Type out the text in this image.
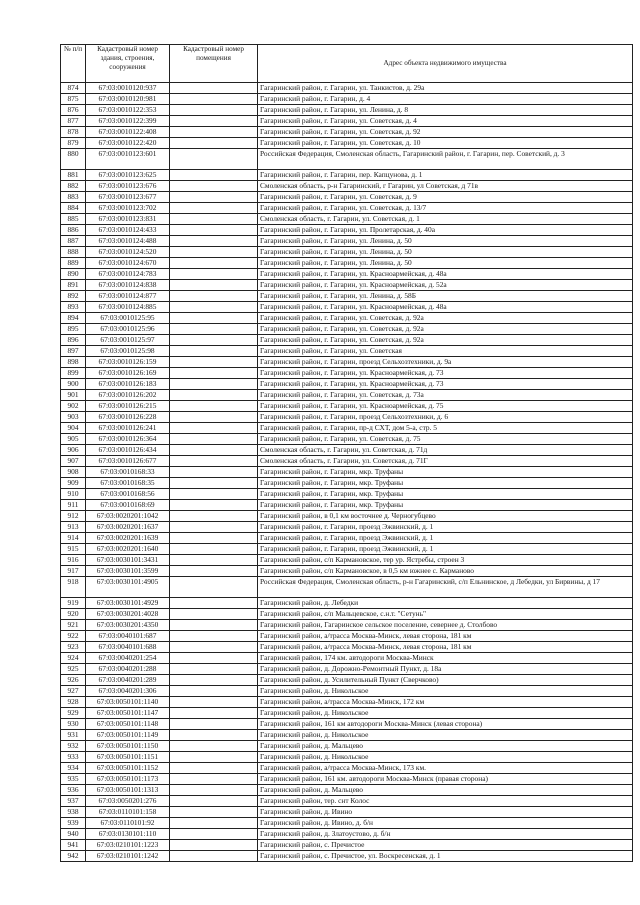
№ п/п	Кадастровый номер здания, строения, сооружения	Кадастровый номер помещения	Адрес объекта недвижимого имущества
874	67:03:0010120:937		Гагаринский район, г. Гагарин, ул. Танкистов, д. 29а
875	67:03:0010120:981		Гагаринский район, г. Гагарин, д. 4
876	67:03:0010122:353		Гагаринский район, г. Гагарин, ул. Ленина, д. 8
877	67:03:0010122:399		Гагаринский район, г. Гагарин, ул. Советская, д. 4
878	67:03:0010122:408		Гагаринский район, г. Гагарин, ул. Советская, д. 92
879	67:03:0010122:420		Гагаринский район, г. Гагарин, ул. Советская, д. 10
880	67:03:0010123:601		Российская Федерация, Смоленская область, Гагаринский район, г. Гагарин, пер. Советский, д. 3
881	67:03:0010123:625		Гагаринский район, г. Гагарин, пер. Капцунова, д. 1
882	67:03:0010123:676		Смоленская область, р-н Гагаринский, г Гагарин, ул Советская, д 71в
883	67:03:0010123:677		Гагаринский район, г. Гагарин, ул. Советская, д. 9
884	67:03:0010123:702		Гагаринский район, г. Гагарин, ул. Советская, д. 13/7
885	67:03:0010123:831		Смоленская область, г. Гагарин, ул. Советская, д. 1
886	67:03:0010124:433		Гагаринский район, г. Гагарин, ул. Пролетарская, д. 40а
887	67:03:0010124:488		Гагаринский район, г. Гагарин, ул. Ленина, д. 50
888	67:03:0010124:520		Гагаринский район, г. Гагарин, ул. Ленина, д. 50
889	67:03:0010124:670		Гагаринский район, г. Гагарин, ул. Ленина, д. 50
890	67:03:0010124:783		Гагаринский район, г. Гагарин, ул. Красноармейская, д. 48а
891	67:03:0010124:838		Гагаринский район, г. Гагарин, ул. Красноармейская, д. 52а
892	67:03:0010124:877		Гагаринский район, г. Гагарин, ул. Ленина, д. 58Б
893	67:03:0010124:885		Гагаринский район, г. Гагарин, ул. Красноармейская, д. 48а
894	67:03:0010125:95		Гагаринский район, г. Гагарин, ул. Советская, д. 92а
895	67:03:0010125:96		Гагаринский район, г. Гагарин, ул. Советская, д. 92а
896	67:03:0010125:97		Гагаринский район, г. Гагарин, ул. Советская, д. 92а
897	67:03:0010125:98		Гагаринский район, г. Гагарин, ул. Советская
898	67:03:0010126:159		Гагаринский район, г. Гагарин, проезд Сельхозтехники, д. 9а
899	67:03:0010126:169		Гагаринский район, г. Гагарин, ул. Красноармейская, д. 73
900	67:03:0010126:183		Гагаринский район, г. Гагарин, ул. Красноармейская, д. 73
901	67:03:0010126:202		Гагаринский район, г. Гагарин, ул. Советская, д. 73а
902	67:03:0010126:215		Гагаринский район, г. Гагарин, ул. Красноармейская, д. 75
903	67:03:0010126:228		Гагаринский район, г. Гагарин, проезд Сельхозтехники, д. 6
904	67:03:0010126:241		Гагаринский район, г. Гагарин, пр-д СХТ, дом 5-а, стр. 5
905	67:03:0010126:364		Гагаринский район, г. Гагарин, ул. Советская, д. 75
906	67:03:0010126:434		Смоленская область, г. Гагарин, ул. Советская, д. 71д
907	67:03:0010126:677		Смоленская область, г. Гагарин, ул. Советская, д. 71Г
908	67:03:0010168:33		Гагаринский район, г. Гагарин, мкр. Труфаны
909	67:03:0010168:35		Гагаринский район, г. Гагарин, мкр. Труфаны
910	67:03:0010168:56		Гагаринский район, г. Гагарин, мкр. Труфаны
911	67:03:0010168:69		Гагаринский район, г. Гагарин, мкр. Труфаны
912	67:03:0020201:1042		Гагаринский район, в 0,1 км восточнее д. Черногубцево
913	67:03:0020201:1637		Гагаринский район, г. Гагарин, проезд Эжвинский, д. 1
914	67:03:0020201:1639		Гагаринский район, г. Гагарин, проезд Эжвинский, д. 1
915	67:03:0020201:1640		Гагаринский район, г. Гагарин, проезд Эжвинский, д. 1
916	67:03:0030101:3431		Гагаринский район, с/п Кармановское, тер ур. Ястребы, строен 3
917	67:03:0030101:3599		Гагаринский район, с/п Кармановское, в 0,5 км южнее с. Карманово
918	67:03:0030101:4905		Российская Федерация, Смоленская область, р-н Гагаринский, с/п Ельнинское, д Лебедки, ул Бирвины, д 17
919	67:03:0030101:4929		Гагаринский район, д. Лебедки
920	67:03:0030201:4028		Гагаринский район, с/п Мальцевское, с.н.т. "Сетунь"
921	67:03:0030201:4350		Гагаринский район, Гагаринское сельское поселение, севернее д. Столбово
922	67:03:0040101:687		Гагаринский район, а/трасса Москва-Минск, левая сторона, 181 км
923	67:03:0040101:688		Гагаринский район, а/трасса Москва-Минск, левая сторона, 181 км
924	67:03:0040201:254		Гагаринский район, 174 км. автодороги Москва-Минск
925	67:03:0040201:288		Гагаринский район, д. Дорожно-Ремонтный Пункт, д. 18а
926	67:03:0040201:289		Гагаринский район, д. Усилительный Пункт (Сверчково)
927	67:03:0040201:306		Гагаринский район, д. Никольское
928	67:03:0050101:1140		Гагаринский район, а/трасса Москва-Минск, 172 км
929	67:03:0050101:1147		Гагаринский район, д. Никольское
930	67:03:0050101:1148		Гагаринский район, 161 км автодороги Москва-Минск (левая сторона)
931	67:03:0050101:1149		Гагаринский район, д. Никольское
932	67:03:0050101:1150		Гагаринский район, д. Мальцево
933	67:03:0050101:1151		Гагаринский район, д. Никольское
934	67:03:0050101:1152		Гагаринский район, а/трасса Москва-Минск, 173 км.
935	67:03:0050101:1173		Гагаринский район, 161 км. автодороги Москва-Минск (правая сторона)
936	67:03:0050101:1313		Гагаринский район, д. Мальцево
937	67:03:0050201:276		Гагаринский район, тер. снт Колос
938	67:03:0110101:158		Гагаринский район, д. Ивино
939	67:03:0110101:92		Гагаринский район, д. Ивино, д. б/н
940	67:03:0130101:110		Гагаринский район, д. Златоустово, д. б/н
941	67:03:0210101:1223		Гагаринский район, с. Пречистое
942	67:03:0210101:1242		Гагаринский район, с. Пречистое, ул. Воскресенская, д. 1
